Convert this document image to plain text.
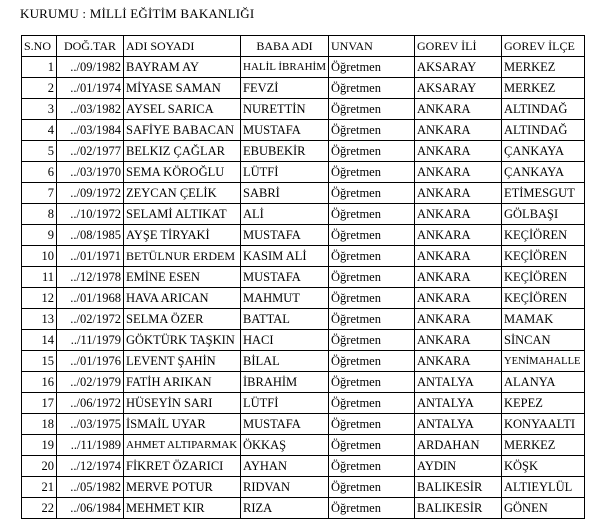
KURUMU : MİLLİ EĞİTİM BAKANLIĞI
S.NO	DOĞ.TAR	ADI SOYADI	BABA ADI	UNVAN	GOREV İLİ	GOREV İLÇE
1	../09/1982	BAYRAM AY	HALİL İBRAHİM	Öğretmen	AKSARAY	MERKEZ
2	../01/1974	MİYASE SAMAN	FEVZİ	Öğretmen	AKSARAY	MERKEZ
3	../03/1982	AYSEL SARICA	NURETTİN	Öğretmen	ANKARA	ALTINDAĞ
4	../03/1984	SAFİYE BABACAN	MUSTAFA	Öğretmen	ANKARA	ALTINDAĞ
5	../02/1977	BELKIZ ÇAĞLAR	EBUBEKİR	Öğretmen	ANKARA	ÇANKAYA
6	../03/1970	SEMA KÖROĞLU	LÜTFİ	Öğretmen	ANKARA	ÇANKAYA
7	../09/1972	ZEYCAN ÇELİK	SABRİ	Öğretmen	ANKARA	ETİMESGUT
8	../10/1972	SELAMİ ALTIKAT	ALİ	Öğretmen	ANKARA	GÖLBAŞI
9	../08/1985	AYŞE TİRYAKİ	MUSTAFA	Öğretmen	ANKARA	KEÇİÖREN
10	../01/1971	BETÜLNUR ERDEM	KASIM ALİ	Öğretmen	ANKARA	KEÇİÖREN
11	../12/1978	EMİNE ESEN	MUSTAFA	Öğretmen	ANKARA	KEÇİÖREN
12	../01/1968	HAVA ARICAN	MAHMUT	Öğretmen	ANKARA	KEÇİÖREN
13	../02/1972	SELMA ÖZER	BATTAL	Öğretmen	ANKARA	MAMAK
14	../11/1979	GÖKTÜRK TAŞKIN	HACI	Öğretmen	ANKARA	SİNCAN
15	../01/1976	LEVENT ŞAHİN	BİLAL	Öğretmen	ANKARA	YENİMAHALLE
16	../02/1979	FATİH ARIKAN	İBRAHİM	Öğretmen	ANTALYA	ALANYA
17	../06/1972	HÜSEYİN SARI	LÜTFİ	Öğretmen	ANTALYA	KEPEZ
18	../03/1975	İSMAİL UYAR	MUSTAFA	Öğretmen	ANTALYA	KONYAALTI
19	../11/1989	AHMET ALTIPARMAK	ÖKKAŞ	Öğretmen	ARDAHAN	MERKEZ
20	../12/1974	FİKRET ÖZARICI	AYHAN	Öğretmen	AYDIN	KÖŞK
21	../05/1982	MERVE POTUR	RIDVAN	Öğretmen	BALIKESİR	ALTIEYLÜL
22	../06/1984	MEHMET KIR	RIZA	Öğretmen	BALIKESİR	GÖNEN
